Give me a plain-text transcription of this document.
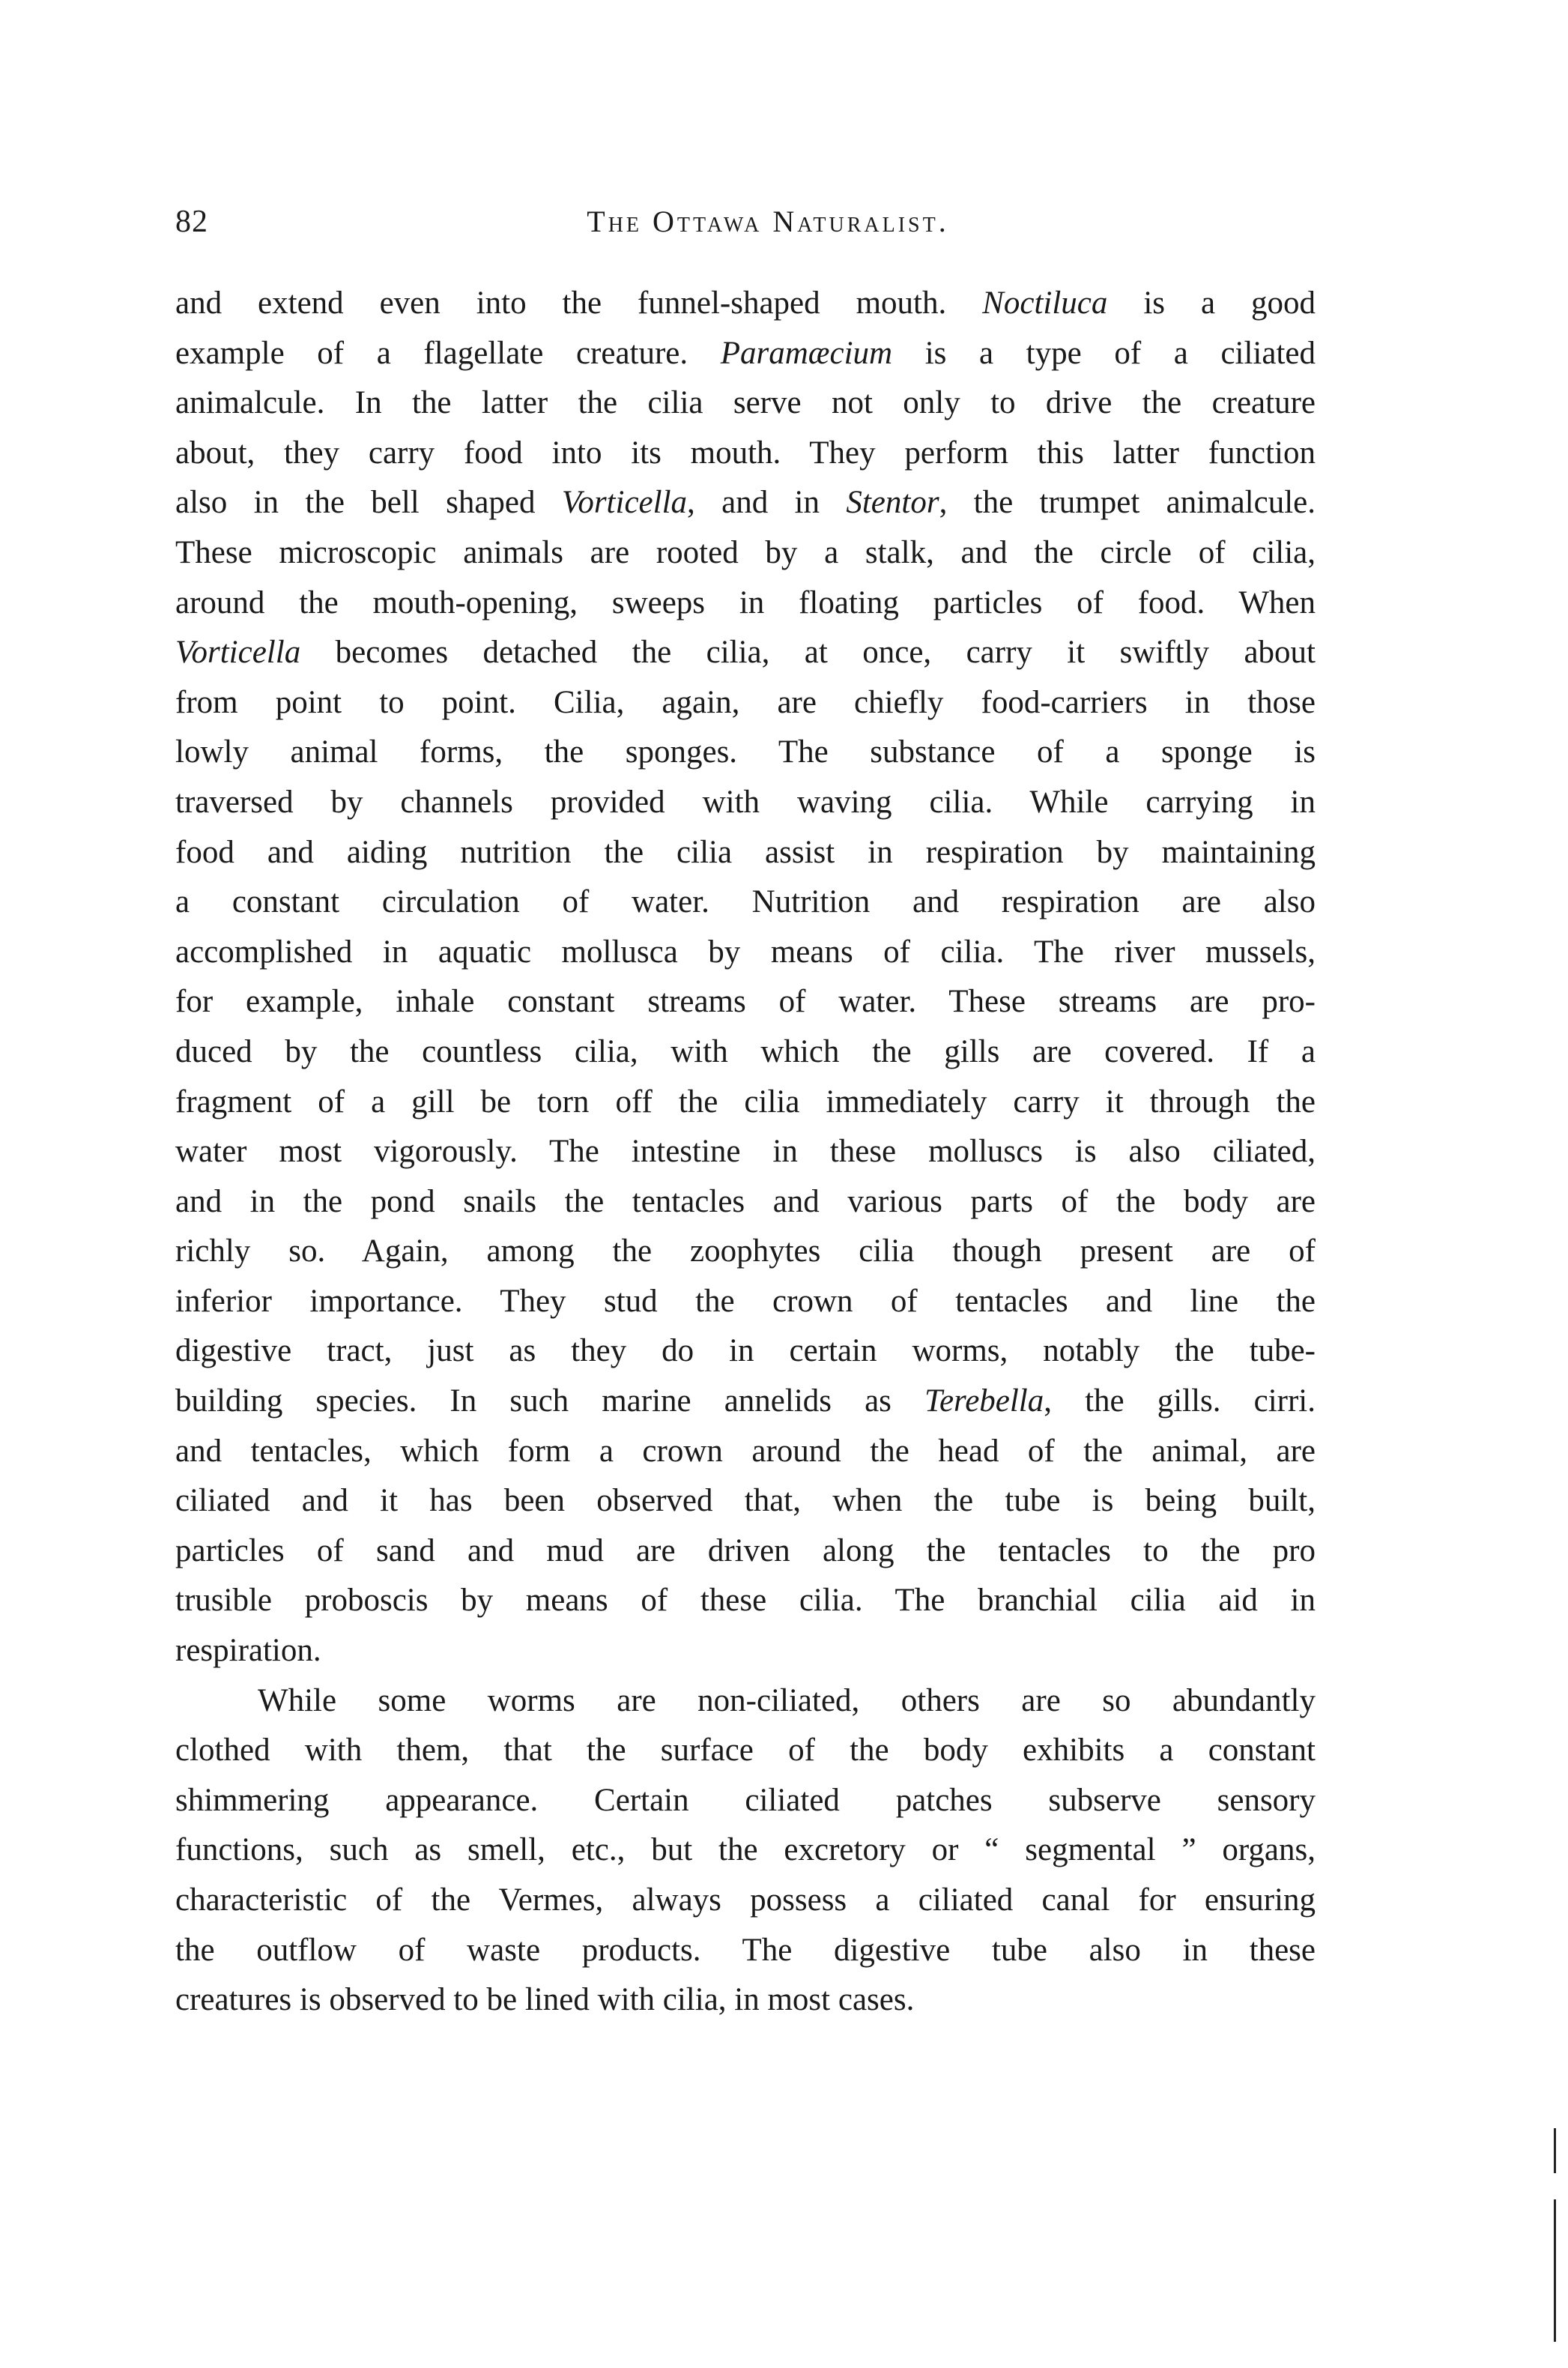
82	The Ottawa Naturalist.
and extend even into the funnel-shaped mouth. Noctiluca is a good
example of a flagellate creature. Paramæcium is a type of a ciliated
animalcule. In the latter the cilia serve not only to drive the creature
about, they carry food into its mouth. They perform this latter function
also in the bell shaped Vorticella, and in Stentor, the trumpet animalcule.
These microscopic animals are rooted by a stalk, and the circle of cilia,
around the mouth-opening, sweeps in floating particles of food. When
Vorticella becomes detached the cilia, at once, carry it swiftly about
from point to point. Cilia, again, are chiefly food-carriers in those
lowly animal forms, the sponges. The substance of a sponge is
traversed by channels provided with waving cilia. While carrying in
food and aiding nutrition the cilia assist in respiration by maintaining
a constant circulation of water. Nutrition and respiration are also
accomplished in aquatic mollusca by means of cilia. The river mussels,
for example, inhale constant streams of water. These streams are pro-
duced by the countless cilia, with which the gills are covered. If a
fragment of a gill be torn off the cilia immediately carry it through the
water most vigorously. The intestine in these molluscs is also ciliated,
and in the pond snails the tentacles and various parts of the body are
richly so. Again, among the zoophytes cilia though present are of
inferior importance. They stud the crown of tentacles and line the
digestive tract, just as they do in certain worms, notably the tube-
building species. In such marine annelids as Terebella, the gills. cirri.
and tentacles, which form a crown around the head of the animal, are
ciliated and it has been observed that, when the tube is being built,
particles of sand and mud are driven along the tentacles to the pro
trusible proboscis by means of these cilia. The branchial cilia aid in
respiration.
While some worms are non-ciliated, others are so abundantly
clothed with them, that the surface of the body exhibits a constant
shimmering appearance. Certain ciliated patches subserve sensory
functions, such as smell, etc., but the excretory or “ segmental ” organs,
characteristic of the Vermes, always possess a ciliated canal for ensuring
the outflow of waste products. The digestive tube also in these
creatures is observed to be lined with cilia, in most cases.
